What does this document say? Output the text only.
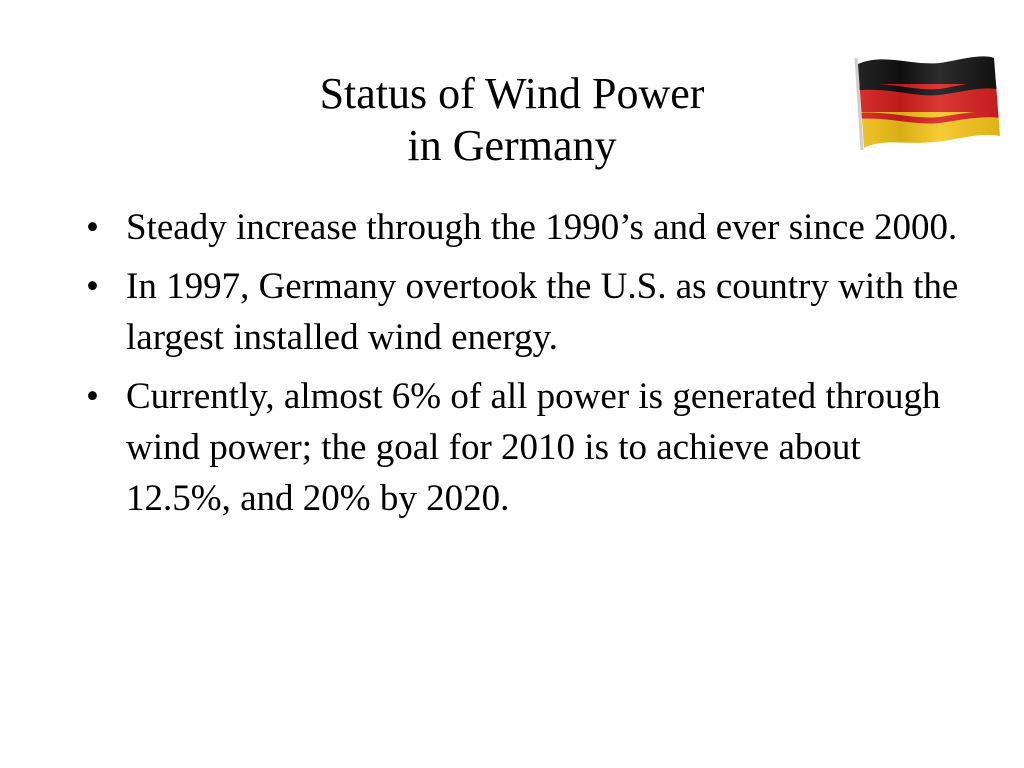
Status of Wind Power
in Germany
• Steady increase through the 1990’s and ever since 2000.
• In 1997, Germany overtook the U.S. as country with the largest installed wind energy.
• Currently, almost 6% of all power is generated through wind power; the goal for 2010 is to achieve about 12.5%, and 20% by 2020.
